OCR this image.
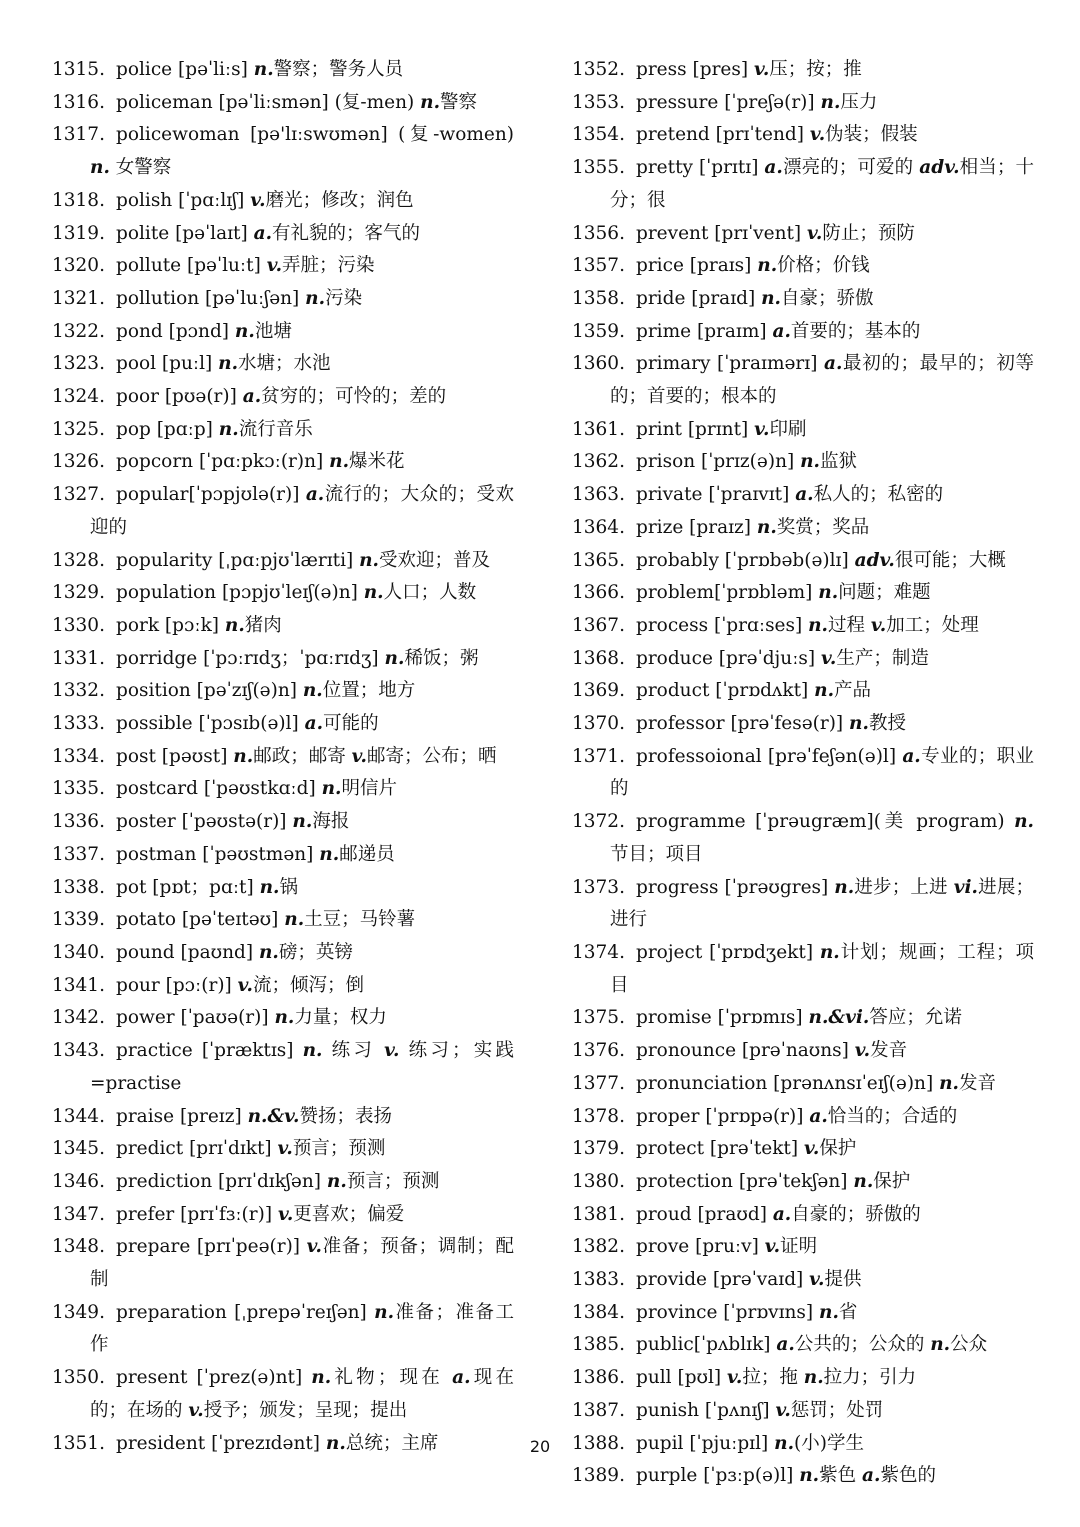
1315. police [pəˈliːs] n.警察；警务人员
1316. policeman [pəˈliːsmən] (复-men) n.警察
1317. policewoman [pə'lɪːswʊmən] (复-women) n. 女警察
1318. polish [ˈpɑːlɪʃ] v.磨光；修改；润色
1319. polite [pəˈlaɪt] a.有礼貌的；客气的
1320. pollute [pəˈluːt] v.弄脏；污染
1321. pollution [pəˈluːʃən] n.污染
1322. pond [pɔnd] n.池塘
1323. pool [puːl] n.水塘；水池
1324. poor [pʊə(r)] a.贫穷的；可怜的；差的
1325. pop [pɑːp] n.流行音乐
1326. popcorn [ˈpɑːpkɔː(r)n] n.爆米花
1327. popular[ˈpɔpjʊlə(r)] a.流行的；大众的；受欢迎的
1328. popularity [ˌpɑːpjʊˈlærɪti] n.受欢迎；普及
1329. population [pɔpjʊˈleɪʃ(ə)n] n.人口；人数
1330. pork [pɔːk] n.猪肉
1331. porridge [ˈpɔːrɪdʒ；ˈpɑːrɪdʒ] n.稀饭；粥
1332. position [pəˈzɪʃ(ə)n] n.位置；地方
1333. possible [ˈpɔsɪb(ə)l] a.可能的
1334. post [pəʊst] n.邮政；邮寄 v.邮寄；公布；晒
1335. postcard [ˈpəʊstkɑːd] n.明信片
1336. poster [ˈpəʊstə(r)] n.海报
1337. postman [ˈpəʊstmən] n.邮递员
1338. pot [pɒt；pɑːt] n.锅
1339. potato [pəˈteɪtəʊ] n.土豆；马铃薯
1340. pound [paʊnd] n.磅；英镑
1341. pour [pɔː(r)] v.流；倾泻；倒
1342. power [ˈpaʊə(r)] n.力量；权力
1343. practice [ˈpræktɪs] n. 练习 v. 练习；实践 =practise
1344. praise [preɪz] n.&v.赞扬；表扬
1345. predict [prɪˈdɪkt] v.预言；预测
1346. prediction [prɪˈdɪkʃən] n.预言；预测
1347. prefer [prɪˈfɜː(r)] v.更喜欢；偏爱
1348. prepare [prɪˈpeə(r)] v.准备；预备；调制；配制
1349. preparation [ˌprepəˈreɪʃən] n.准备；准备工作
1350. present [ˈprez(ə)nt] n.礼物；现在 a.现在的；在场的 v.授予；颁发；呈现；提出
1351. president [ˈprezɪdənt] n.总统；主席
1352. press [pres] v.压；按；推
1353. pressure [ˈpreʃə(r)] n.压力
1354. pretend [prɪˈtend] v.伪装；假装
1355. pretty [ˈprɪtɪ] a.漂亮的；可爱的 adv.相当；十分；很
1356. prevent [prɪˈvent] v.防止；预防
1357. price [praɪs] n.价格；价钱
1358. pride [praɪd] n.自豪；骄傲
1359. prime [praɪm] a.首要的；基本的
1360. primary [ˈpraɪmərɪ] a.最初的；最早的；初等的；首要的；根本的
1361. print [prɪnt] v.印刷
1362. prison [ˈprɪz(ə)n] n.监狱
1363. private [ˈpraɪvɪt] a.私人的；私密的
1364. prize [praɪz] n.奖赏；奖品
1365. probably [ˈprɒbəb(ə)lɪ] adv.很可能；大概
1366. problem[ˈprɒbləm] n.问题；难题
1367. process [ˈprɑːses] n.过程 v.加工；处理
1368. produce [prəˈdjuːs] v.生产；制造
1369. product [ˈprɒdʌkt] n.产品
1370. professor [prəˈfesə(r)] n.教授
1371. professoional [prəˈfeʃən(ə)l] a.专业的；职业的
1372. programme [ˈprəugræm](美 program) n.节目；项目
1373. progress [ˈprəʊgres] n.进步；上进 vi.进展；进行
1374. project [ˈprɒdʒekt] n.计划；规画；工程；项目
1375. promise [ˈprɒmɪs] n.&vi.答应；允诺
1376. pronounce [prəˈnaʊns] v.发音
1377. pronunciation [prənʌnsɪˈeɪʃ(ə)n] n.发音
1378. proper [ˈprɒpə(r)] a.恰当的；合适的
1379. protect [prəˈtekt] v.保护
1380. protection [prəˈtekʃən] n.保护
1381. proud [praʊd] a.自豪的；骄傲的
1382. prove [pruːv] v.证明
1383. provide [prəˈvaɪd] v.提供
1384. province [ˈprɒvɪns] n.省
1385. public[ˈpʌblɪk] a.公共的；公众的 n.公众
1386. pull [pʊl] v.拉；拖 n.拉力；引力
1387. punish [ˈpʌnɪʃ] v.惩罚；处罚
1388. pupil [ˈpjuːpɪl] n.(小)学生
1389. purple [ˈpɜːp(ə)l] n.紫色 a.紫色的
20
